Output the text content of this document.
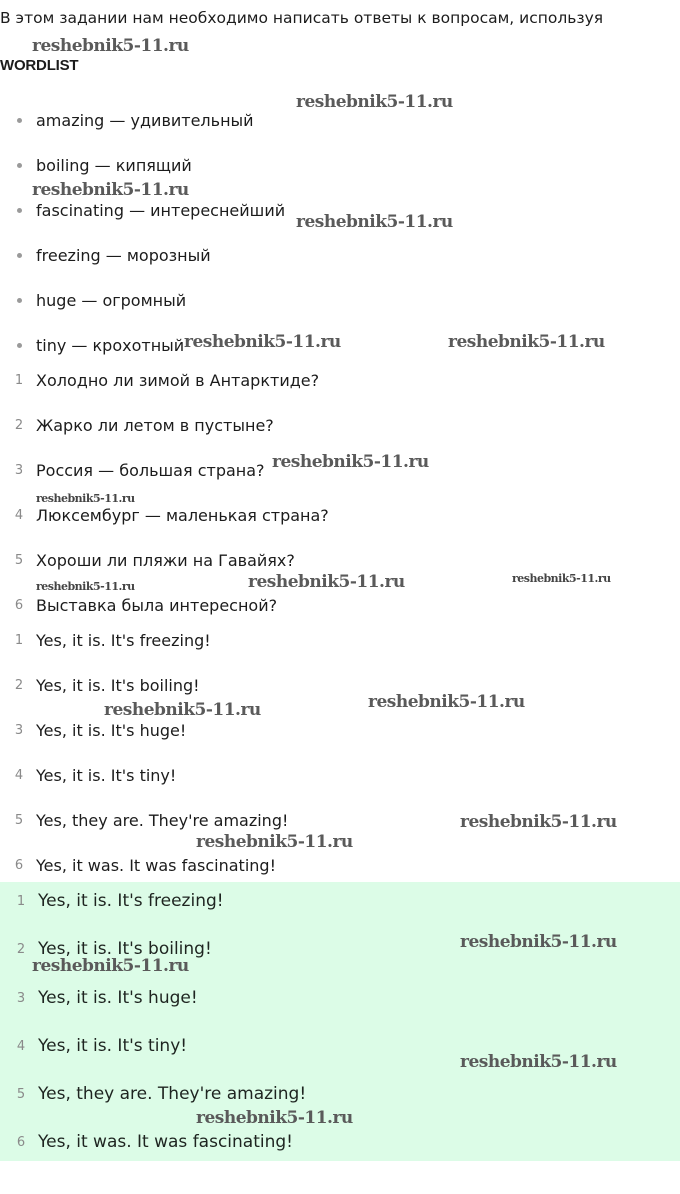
В этом задании нам необходимо написать ответы к вопросам, используя
WORDLIST
amazing — удивительный
boiling — кипящий
fascinating — интереснейший
freezing — морозный
huge — огромный
tiny — крохотный
1 Холодно ли зимой в Антарктиде?
2 Жарко ли летом в пустыне?
3 Россия — большая страна?
4 Люксембург — маленькая страна?
5 Хороши ли пляжи на Гавайях?
6 Выставка была интересной?
1 Yes, it is. It's freezing!
2 Yes, it is. It's boiling!
3 Yes, it is. It's huge!
4 Yes, it is. It's tiny!
5 Yes, they are. They're amazing!
6 Yes, it was. It was fascinating!
1 Yes, it is. It's freezing!
2 Yes, it is. It's boiling!
3 Yes, it is. It's huge!
4 Yes, it is. It's tiny!
5 Yes, they are. They're amazing!
6 Yes, it was. It was fascinating!
reshebnik5-11.ru
reshebnik5-11.ru
reshebnik5-11.ru
reshebnik5-11.ru
reshebnik5-11.ru	reshebnik5-11.ru
reshebnik5-11.ru
reshebnik5-11.ru
reshebnik5-11.ru
reshebnik5-11.ru
reshebnik5-11.ru
reshebnik5-11.ru
reshebnik5-11.ru
reshebnik5-11.ru
reshebnik5-11.ru
reshebnik5-11.ru
reshebnik5-11.ru
reshebnik5-11.ru
reshebnik5-11.ru
